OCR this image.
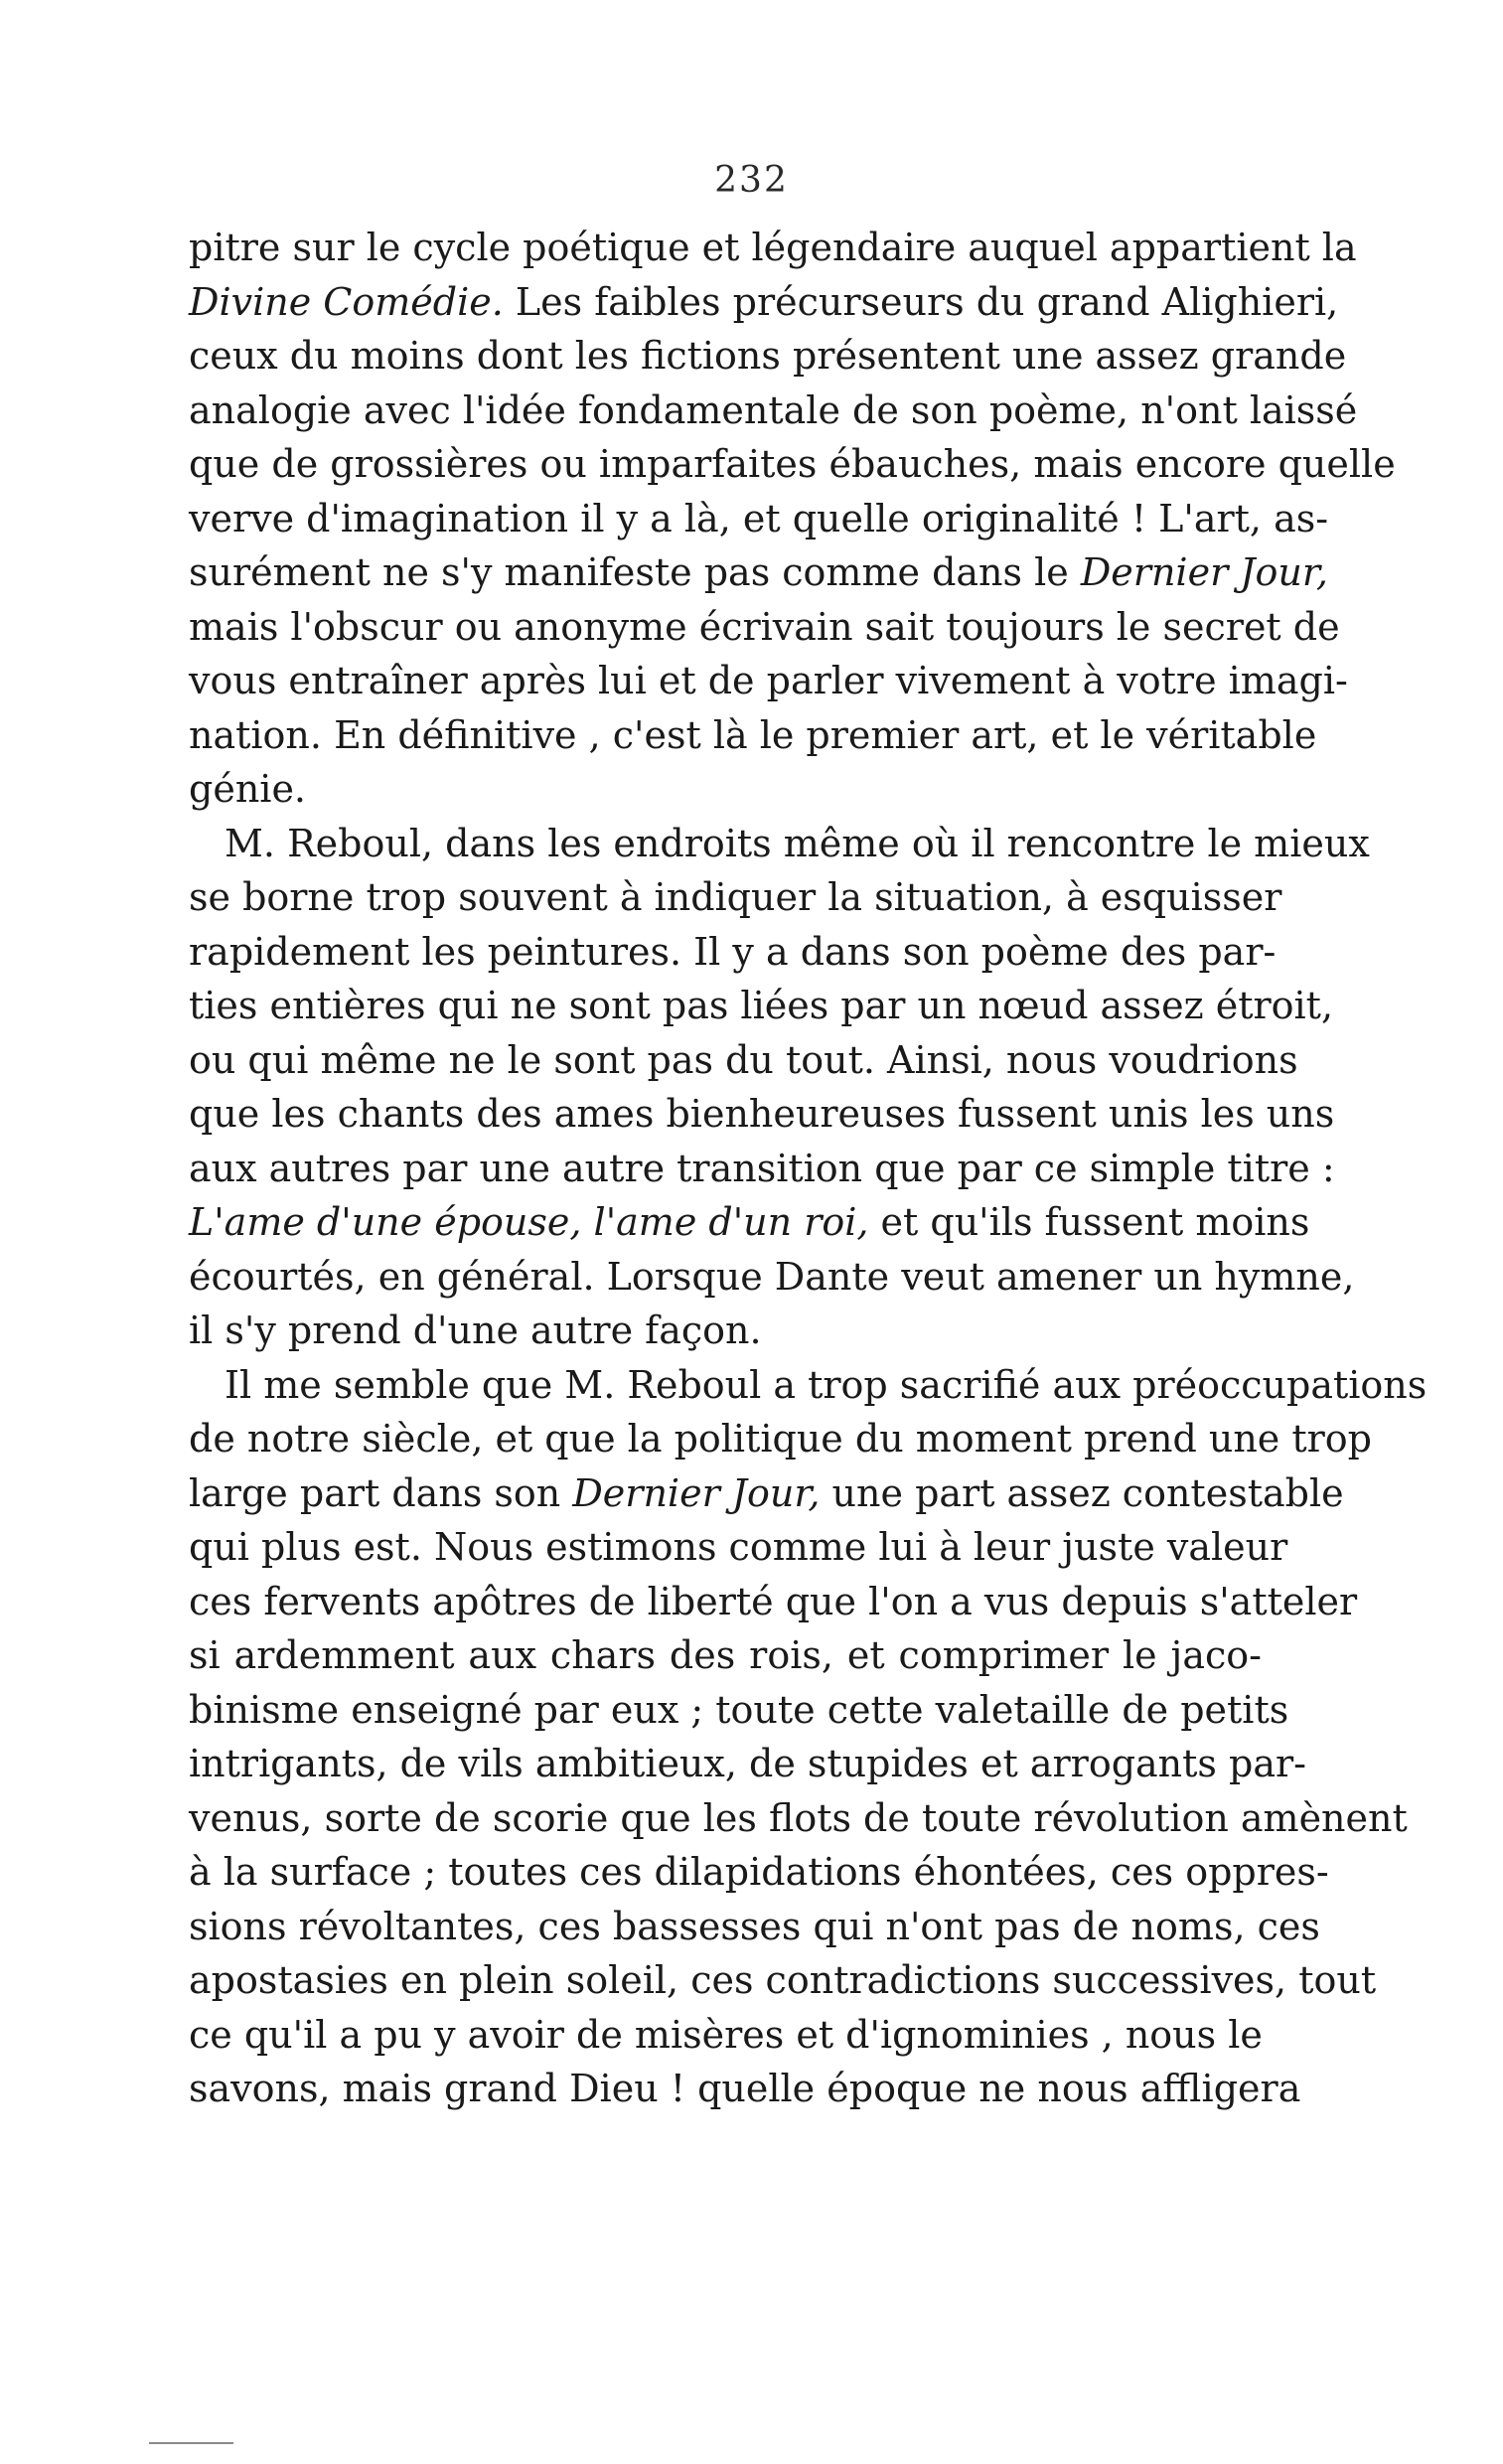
232
pitre sur le cycle poétique et légendaire auquel appartient la
Divine Comédie. Les faibles précurseurs du grand Alighieri,
ceux du moins dont les fictions présentent une assez grande
analogie avec l'idée fondamentale de son poème, n'ont laissé
que de grossières ou imparfaites ébauches, mais encore quelle
verve d'imagination il y a là, et quelle originalité ! L'art, as-
surément ne s'y manifeste pas comme dans le Dernier Jour,
mais l'obscur ou anonyme écrivain sait toujours le secret de
vous entraîner après lui et de parler vivement à votre imagi-
nation. En définitive , c'est là le premier art, et le véritable
génie.
M. Reboul, dans les endroits même où il rencontre le mieux
se borne trop souvent à indiquer la situation, à esquisser
rapidement les peintures. Il y a dans son poème des par-
ties entières qui ne sont pas liées par un nœud assez étroit,
ou qui même ne le sont pas du tout. Ainsi, nous voudrions
que les chants des ames bienheureuses fussent unis les uns
aux autres par une autre transition que par ce simple titre :
L'ame d'une épouse, l'ame d'un roi, et qu'ils fussent moins
écourtés, en général. Lorsque Dante veut amener un hymne,
il s'y prend d'une autre façon.
Il me semble que M. Reboul a trop sacrifié aux préoccupations
de notre siècle, et que la politique du moment prend une trop
large part dans son Dernier Jour, une part assez contestable
qui plus est. Nous estimons comme lui à leur juste valeur
ces fervents apôtres de liberté que l'on a vus depuis s'atteler
si ardemment aux chars des rois, et comprimer le jaco-
binisme enseigné par eux ; toute cette valetaille de petits
intrigants, de vils ambitieux, de stupides et arrogants par-
venus, sorte de scorie que les flots de toute révolution amènent
à la surface ; toutes ces dilapidations éhontées, ces oppres-
sions révoltantes, ces bassesses qui n'ont pas de noms, ces
apostasies en plein soleil, ces contradictions successives, tout
ce qu'il a pu y avoir de misères et d'ignominies , nous le
savons, mais grand Dieu ! quelle époque ne nous affligera
